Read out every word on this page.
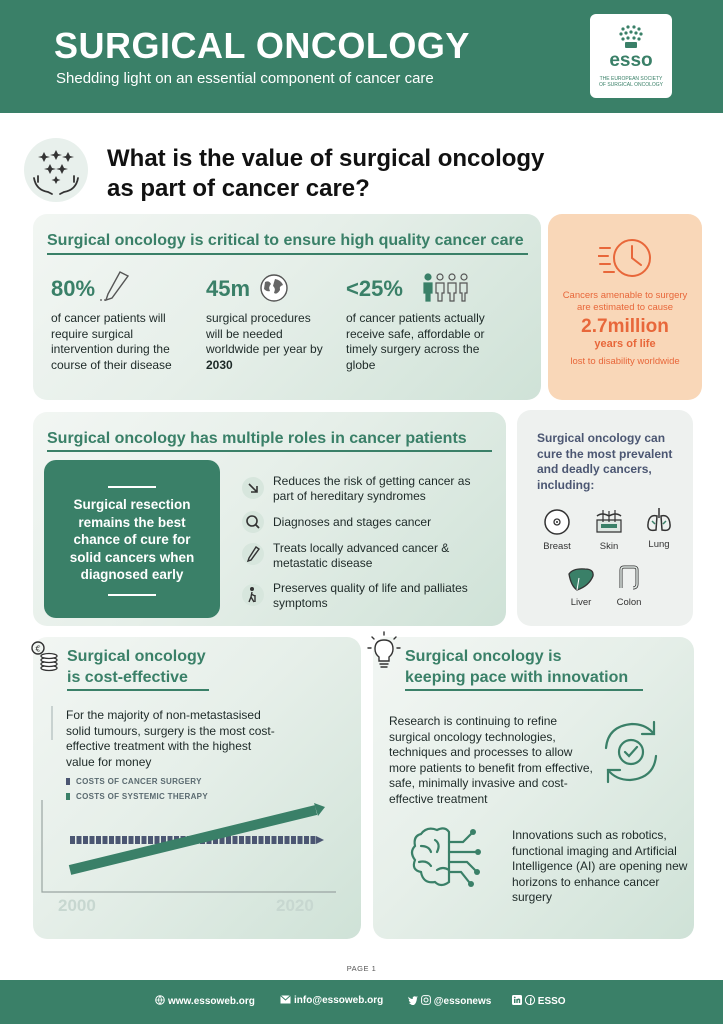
SURGICAL ONCOLOGY
Shedding light on an essential component of cancer care
esso
THE EUROPEAN SOCIETY OF SURGICAL ONCOLOGY
What is the value of surgical oncology as part of cancer care?
Surgical oncology is critical to ensure high quality cancer care
80%
of cancer patients will require surgical intervention during the course of their disease
45m
surgical procedures will be needed worldwide per year by 2030
<25%
of cancer patients actually receive safe, affordable or timely surgery across the globe
Cancers amenable to surgery are estimated to cause
2.7million
years of life
lost to disability worldwide
Surgical oncology has multiple roles in cancer patients
Surgical resection remains the best chance of cure for solid cancers when diagnosed early
Reduces the risk of getting cancer as part of hereditary syndromes
Diagnoses and stages cancer
Treats locally advanced cancer & metastatic disease
Preserves quality of life and palliates symptoms
Surgical oncology can cure the most prevalent and deadly cancers, including:
Breast	Skin	Lung
Liver	Colon
€ Surgical oncology
is cost-effective
For the majority of non-metastasised solid tumours, surgery is the most cost-effective treatment with the highest value for money
COSTS OF CANCER SURGERY
COSTS OF SYSTEMIC THERAPY
2000	2020
Surgical oncology is
keeping pace with innovation
Research is continuing to refine surgical oncology technologies, techniques and processes to allow more patients to benefit from effective, safe, minimally invasive and cost-effective treatment
Innovations such as robotics, functional imaging and Artificial Intelligence (AI) are opening new horizons to enhance cancer surgery
PAGE 1
www.essoweb.org	info@essoweb.org	@essonews	ESSO
